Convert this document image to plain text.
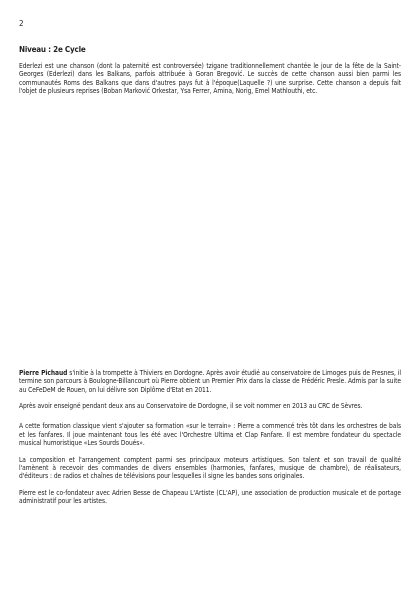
2
Niveau : 2e Cycle
Ederlezi est une chanson (dont la paternité est controversée) tzigane traditionnellement chantée le jour de la fête de la Saint-Georges (Ederlezi) dans les Balkans, parfois attribuée à Goran Bregović. Le succès de cette chanson aussi bien parmi les communautés Roms des Balkans que dans d'autres pays fut à l'époque(Laquelle ?) une surprise. Cette chanson a depuis fait l'objet de plusieurs reprises (Boban Marković Orkestar, Ysa Ferrer, Amina, Norig, Emel Mathlouthi, etc.
Pierre Pichaud s'initie à la trompette à Thiviers en Dordogne. Après avoir étudié au conservatoire de Limoges puis de Fresnes, il termine son parcours à Boulogne-Billancourt où Pierre obtient un Premier Prix dans la classe de Frédéric Presle. Admis par la suite au CeFeDeM de Rouen, on lui délivre son Diplôme d'Etat en 2011.
Après avoir enseigné pendant deux ans au Conservatoire de Dordogne, il se voit nommer en 2013 au CRC de Sèvres.
A cette formation classique vient s'ajouter sa formation «sur le terrain» : Pierre a commencé très tôt dans les orchestres de bals et les fanfares. Il joue maintenant tous les été avec l'Orchestre Ultima et Clap Fanfare. Il est membre fondateur du spectacle musical humoristique «Les Sourds Doués».
La composition et l'arrangement comptent parmi ses principaux moteurs artistiques. Son talent et son travail de qualité l'amènent à recevoir des commandes de divers ensembles (harmonies, fanfares, musique de chambre), de réalisateurs, d'éditeurs : de radios et chaînes de télévisions pour lesquelles il signe les bandes sons originales.
Pierre est le co-fondateur avec Adrien Besse de Chapeau L'Artiste (CL'AP), une association de production musicale et de portage administratif pour les artistes.
